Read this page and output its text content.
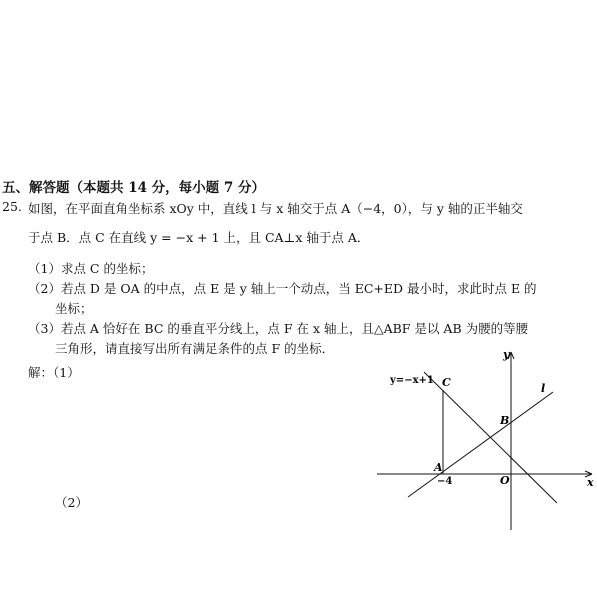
五、解答题（本题共 14 分，每小题 7 分）
25. 如图，在平面直角坐标系 xOy 中，直线 l 与 x 轴交于点 A（−4，0），与 y 轴的正半轴交
于点 B．点 C 在直线 y = −x + 1 上，且 CA⊥x 轴于点 A．
（1）求点 C 的坐标；
（2）若点 D 是 OA 的中点，点 E 是 y 轴上一个动点，当 EC+ED 最小时，求此时点 E 的
坐标；
（3）若点 A 恰好在 BC 的垂直平分线上，点 F 在 x 轴上，且△ABF 是以 AB 为腰的等腰
三角形，请直接写出所有满足条件的点 F 的坐标．
解：（1）
（2）
y=−x+1 C
A
B
O
l
x
y
−4
